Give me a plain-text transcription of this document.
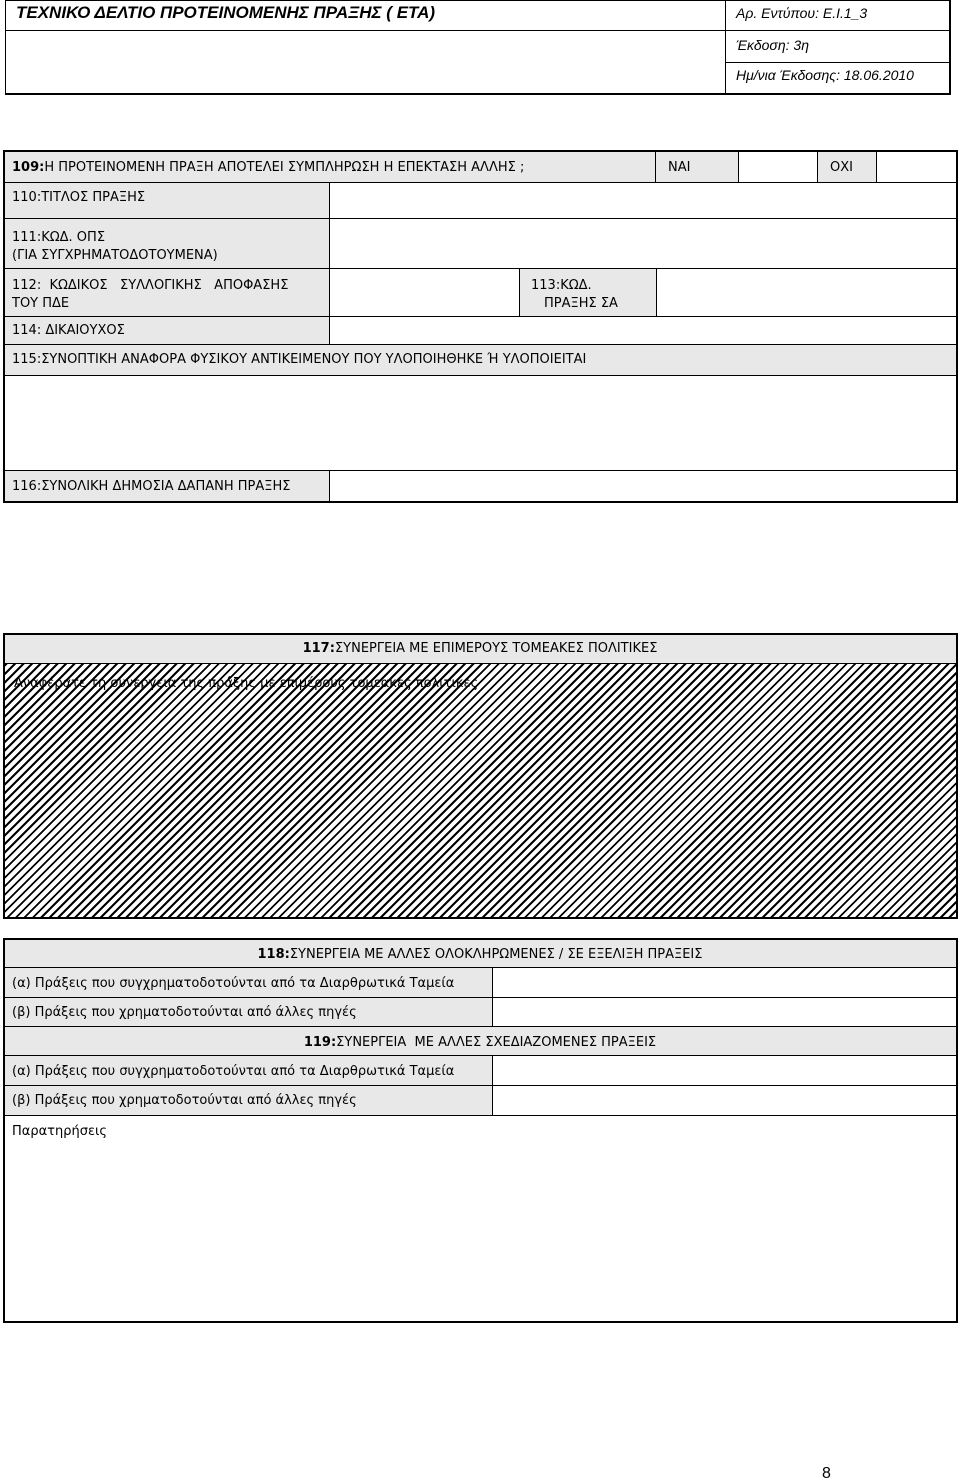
ΤΕΧΝΙΚΟ ΔΕΛΤΙΟ ΠΡΟΤΕΙΝΟΜΕΝΗΣ ΠΡΑΞΗΣ ( ΕΤΑ)	Αρ. Εντύπου: Ε.Ι.1_3
Έκδοση: 3η
Ημ/νια Έκδοσης: 18.06.2010
109:Η ΠΡΟΤΕΙΝΟΜΕΝΗ ΠΡΑΞΗ ΑΠΟΤΕΛΕΙ ΣΥΜΠΛΗΡΩΣΗ Η ΕΠΕΚΤΑΣΗ ΑΛΛΗΣ ;	ΝΑΙ	ΟΧΙ
110:ΤΙΤΛΟΣ ΠΡΑΞΗΣ
111:ΚΩΔ. ΟΠΣ
(ΓΙΑ ΣΥΓΧΡΗΜΑΤΟΔΟΤΟΥΜΕΝΑ)
112:  ΚΩΔΙΚΟΣ   ΣΥΛΛΟΓΙΚΗΣ   ΑΠΟΦΑΣΗΣ
ΤΟΥ ΠΔΕ
113:ΚΩΔ.
ΠΡΑΞΗΣ ΣΑ
114: ΔΙΚΑΙΟΥΧΟΣ
115:ΣΥΝΟΠΤΙΚΗ ΑΝΑΦΟΡΑ ΦΥΣΙΚΟΥ ΑΝΤΙΚΕΙΜΕΝΟΥ ΠΟΥ ΥΛΟΠΟΙΗΘΗΚΕ Ή ΥΛΟΠΟΙΕΙΤΑΙ
116:ΣΥΝΟΛΙΚΗ ΔΗΜΟΣΙΑ ΔΑΠΑΝΗ ΠΡΑΞΗΣ
117:ΣΥΝΕΡΓΕΙΑ ΜΕ ΕΠΙΜΕΡΟΥΣ ΤΟΜΕΑΚΕΣ ΠΟΛΙΤΙΚΕΣ
Αναφέρατε τη συνέργεια της πράξης με επιμέρους τομεακές πολιτικές
118:ΣΥΝΕΡΓΕΙΑ ΜΕ ΑΛΛΕΣ ΟΛΟΚΛΗΡΩΜΕΝΕΣ / ΣΕ ΕΞΕΛΙΞΗ ΠΡΑΞΕΙΣ
(α) Πράξεις που συγχρηματοδοτούνται από τα Διαρθρωτικά Ταμεία
(β) Πράξεις που χρηματοδοτούνται από άλλες πηγές
119:ΣΥΝΕΡΓΕΙΑ  ΜΕ ΑΛΛΕΣ ΣΧΕΔΙΑΖΟΜΕΝΕΣ ΠΡΑΞΕΙΣ
(α) Πράξεις που συγχρηματοδοτούνται από τα Διαρθρωτικά Ταμεία
(β) Πράξεις που χρηματοδοτούνται από άλλες πηγές
Παρατηρήσεις
8
